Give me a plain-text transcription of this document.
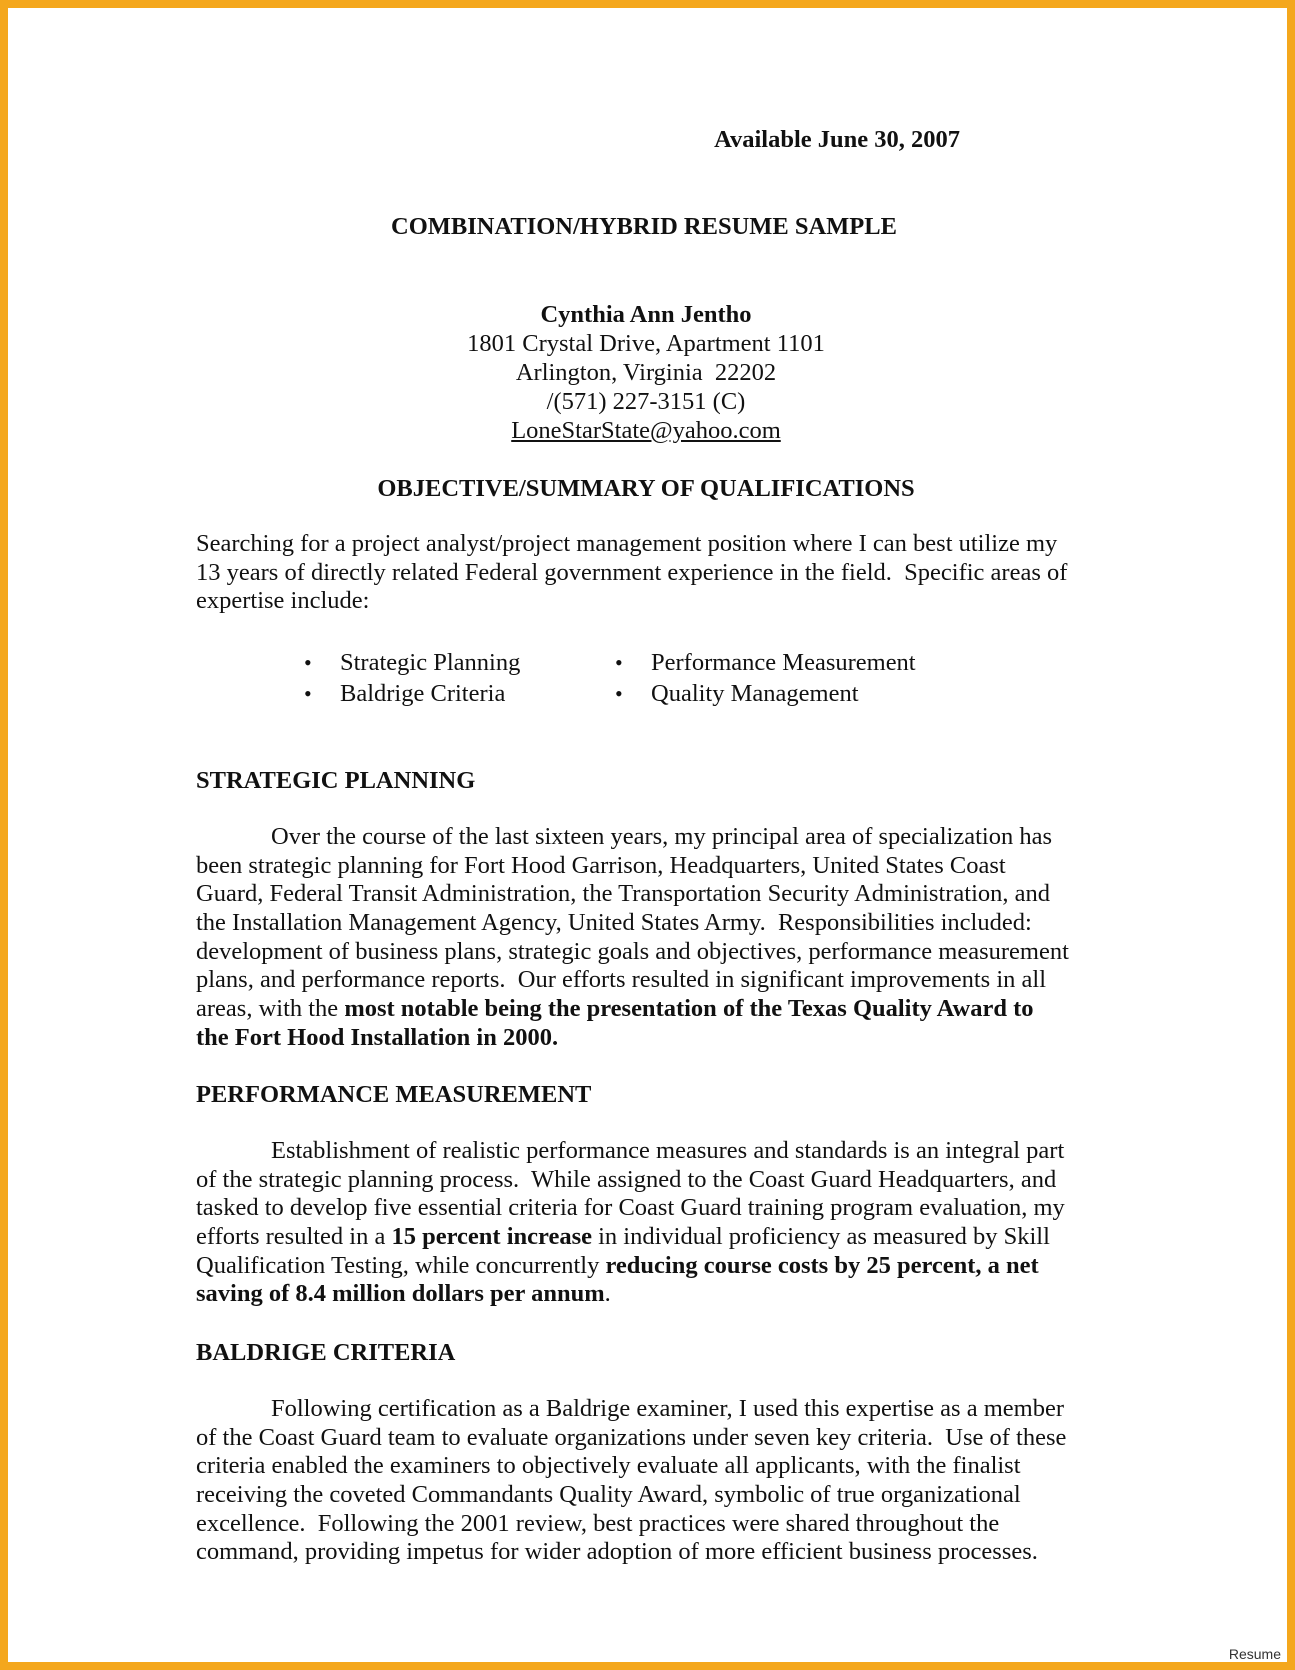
Available June 30, 2007
COMBINATION/HYBRID RESUME SAMPLE
Cynthia Ann Jentho
1801 Crystal Drive, Apartment 1101
Arlington, Virginia  22202
/(571) 227-3151 (C)
LoneStarState@yahoo.com
OBJECTIVE/SUMMARY OF QUALIFICATIONS
Searching for a project analyst/project management position where I can best utilize my
13 years of directly related Federal government experience in the field.  Specific areas of
expertise include:
• Strategic Planning
• Baldrige Criteria
• Performance Measurement
• Quality Management
STRATEGIC PLANNING
Over the course of the last sixteen years, my principal area of specialization has
been strategic planning for Fort Hood Garrison, Headquarters, United States Coast
Guard, Federal Transit Administration, the Transportation Security Administration, and
the Installation Management Agency, United States Army.  Responsibilities included:
development of business plans, strategic goals and objectives, performance measurement
plans, and performance reports.  Our efforts resulted in significant improvements in all
areas, with the most notable being the presentation of the Texas Quality Award to
the Fort Hood Installation in 2000.
PERFORMANCE MEASUREMENT
Establishment of realistic performance measures and standards is an integral part
of the strategic planning process.  While assigned to the Coast Guard Headquarters, and
tasked to develop five essential criteria for Coast Guard training program evaluation, my
efforts resulted in a 15 percent increase in individual proficiency as measured by Skill
Qualification Testing, while concurrently reducing course costs by 25 percent, a net
saving of 8.4 million dollars per annum.
BALDRIGE CRITERIA
Following certification as a Baldrige examiner, I used this expertise as a member
of the Coast Guard team to evaluate organizations under seven key criteria.  Use of these
criteria enabled the examiners to objectively evaluate all applicants, with the finalist
receiving the coveted Commandants Quality Award, symbolic of true organizational
excellence.  Following the 2001 review, best practices were shared throughout the
command, providing impetus for wider adoption of more efficient business processes.
Resume
